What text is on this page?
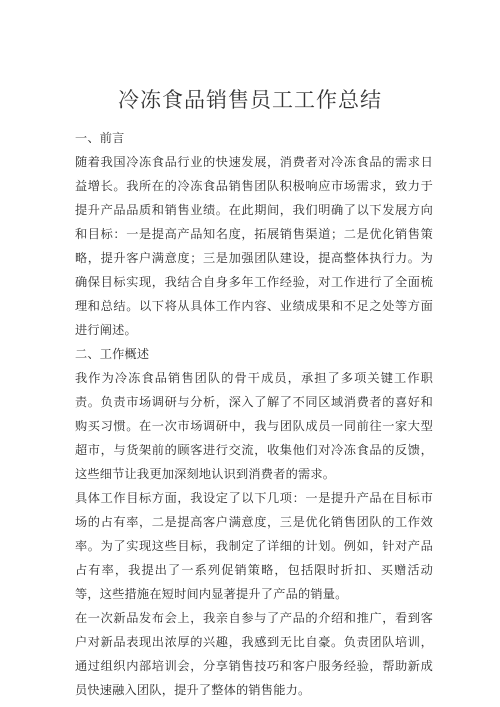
冷冻食品销售员工工作总结
一、前言

随着我国冷冻食品行业的快速发展，消费者对冷冻食品的需求日益增长。我所在的冷冻食品销售团队积极响应市场需求，致力于提升产品品质和销售业绩。在此期间，我们明确了以下发展方向和目标：一是提高产品知名度，拓展销售渠道；二是优化销售策略，提升客户满意度；三是加强团队建设，提高整体执行力。为确保目标实现，我结合自身多年工作经验，对工作进行了全面梳理和总结。以下将从具体工作内容、业绩成果和不足之处等方面进行阐述。

二、工作概述

我作为冷冻食品销售团队的骨干成员，承担了多项关键工作职责。负责市场调研与分析，深入了解了不同区域消费者的喜好和购买习惯。在一次市场调研中，我与团队成员一同前往一家大型超市，与货架前的顾客进行交流，收集他们对冷冻食品的反馈，这些细节让我更加深刻地认识到消费者的需求。

具体工作目标方面，我设定了以下几项：一是提升产品在目标市场的占有率，二是提高客户满意度，三是优化销售团队的工作效率。为了实现这些目标，我制定了详细的计划。例如，针对产品占有率，我提出了一系列促销策略，包括限时折扣、买赠活动等，这些措施在短时间内显著提升了产品的销量。

在一次新品发布会上，我亲自参与了产品的介绍和推广，看到客户对新品表现出浓厚的兴趣，我感到无比自豪。负责团队培训，通过组织内部培训会，分享销售技巧和客户服务经验，帮助新成员快速融入团队，提升了整体的销售能力。
